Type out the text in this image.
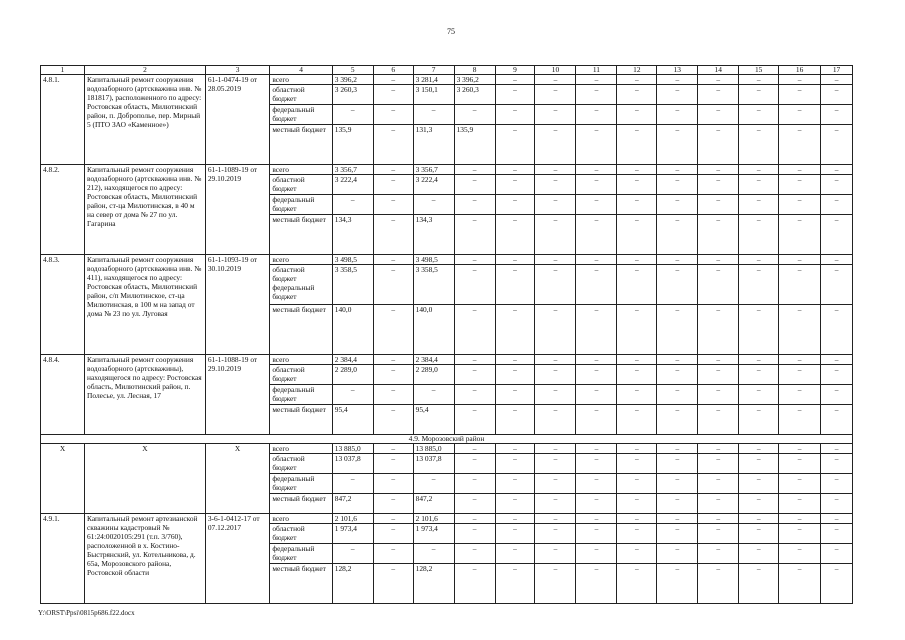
75
1	2	3	4	5	6	7	8	9	10	11	12	13	14	15	16	17
4.8.1.	Капитальный ремонт сооружения водозаборного (артскважина инв. № 181817), расположенного по адресу: Ростовская область, Милютинский район, п. Доброполье, пер. Мирный 5 (ПТО ЗАО «Каменное»)	61-1-0474-19 от 28.05.2019	всего	3 396,2	–	3 281,4	3 396,2	–	–	–	–	–	–	–	–	–
			областной бюджет	3 260,3	–	3 150,1	3 260,3	–	–	–	–	–	–	–	–	–
			федеральный бюджет	–	–	–	–	–	–	–	–	–	–	–	–	–
			местный бюджет	135,9	–	131,3	135,9	–	–	–	–	–	–	–	–	–
4.8.2.	Капитальный ремонт сооружения водозаборного (артскважина инв. № 212), находящегося по адресу: Ростовская область, Милютинский район, ст-ца Милютинская, в 40 м на север от дома № 27 по ул. Гагарина	61-1-1089-19 от 29.10.2019	всего	3 356,7	–	3 356,7	–	–	–	–	–	–	–	–	–	–
			областной бюджет	3 222,4	–	3 222,4	–	–	–	–	–	–	–	–	–	–
			федеральный бюджет	–	–	–	–	–	–	–	–	–	–	–	–	–
			местный бюджет	134,3	–	134,3	–	–	–	–	–	–	–	–	–	–
4.8.3.	Капитальный ремонт сооружения водозаборного (артскважина инв. № 411), находящегося по адресу: Ростовская область, Милютинский район, с/п Милютинское, ст-ца Милютинская, в 100 м на запад от дома № 23 по ул. Луговая	61-1-1093-19 от 30.10.2019	всего	3 498,5	–	3 498,5	–	–	–	–	–	–	–	–	–	–
			областной бюджет федеральный бюджет	3 358,5	–	3 358,5	–	–	–	–	–	–	–	–	–	–
			местный бюджет	140,0	–	140,0	–	–	–	–	–	–	–	–	–	–
4.8.4.	Капитальный ремонт сооружения водозаборного (артскважины), находящегося по адресу: Ростовская область, Милютинский район, п. Полесье, ул. Лесная, 17	61-1-1088-19 от 29.10.2019	всего	2 384,4	–	2 384,4	–	–	–	–	–	–	–	–	–	–
			областной бюджет	2 289,0	–	2 289,0	–	–	–	–	–	–	–	–	–	–
			федеральный бюджет	–	–	–	–	–	–	–	–	–	–	–	–	–
			местный бюджет	95,4	–	95,4	–	–	–	–	–	–	–	–	–	–
4.9. Морозовский район																
X	X	X	всего	13 885,0	–	13 885,0	–	–	–	–	–	–	–	–	–	–
			областной бюджет	13 037,8	–	13 037,8	–	–	–	–	–	–	–	–	–	–
			федеральный бюджет	–	–	–	–	–	–	–	–	–	–	–	–	–
			местный бюджет	847,2	–	847,2	–	–	–	–	–	–	–	–	–	–
4.9.1.	Капитальный ремонт артезианской скважины кадастровый № 61:24:0020105:291 (т.п. 3/760), расположенной в х. Костино-Быстрянский, ул. Котельникова, д. 65а, Морозовского района, Ростовской области	3-6-1-0412-17 от 07.12.2017	всего	2 101,6	–	2 101,6	–	–	–	–	–	–	–	–	–	–
			областной бюджет	1 973,4	–	1 973,4	–	–	–	–	–	–	–	–	–	–
			федеральный бюджет	–	–	–	–	–	–	–	–	–	–	–	–	–
			местный бюджет	128,2	–	128,2	–	–	–	–	–	–	–	–	–	–
Y:\ORST\Ppsi\0815p686.f22.docx
